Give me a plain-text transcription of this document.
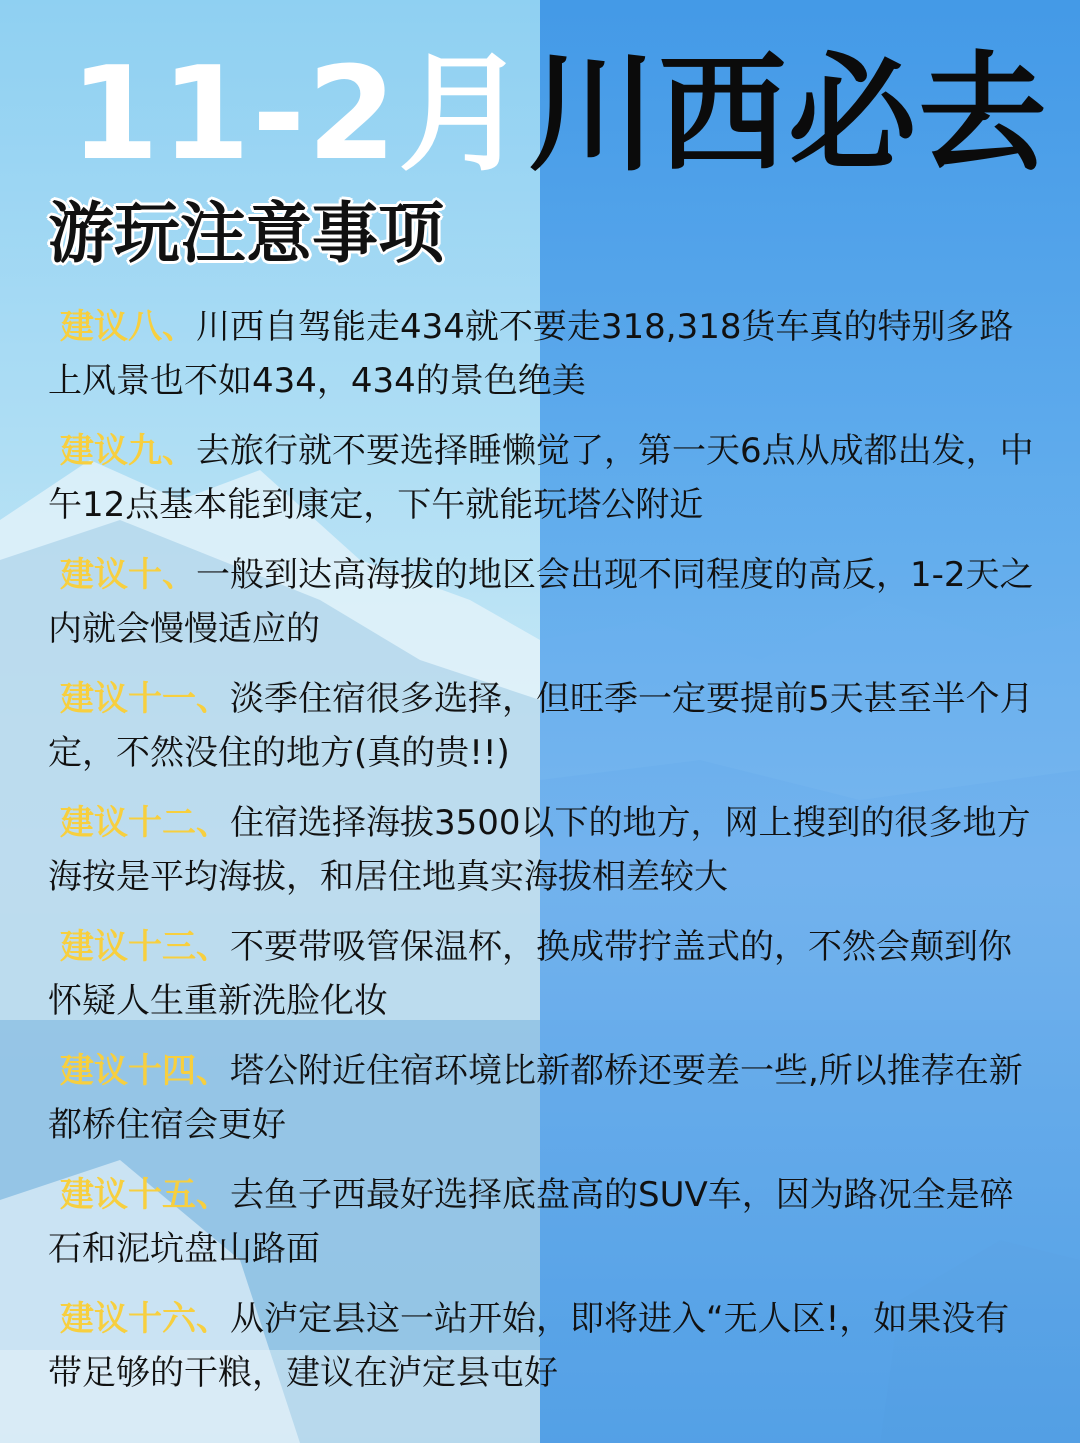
11-2月川西必去
游玩注意事项

建议八、川西自驾能走434就不要走318,318货车真的特别多路上风景也不如434，434的景色绝美

建议九、去旅行就不要选择睡懒觉了，第一天6点从成都出发，中午12点基本能到康定，下午就能玩塔公附近

建议十、一般到达高海拔的地区会出现不同程度的高反，1-2天之内就会慢慢适应的

建议十一、淡季住宿很多选择，但旺季一定要提前5天甚至半个月定，不然没住的地方(真的贵!!)

建议十二、住宿选择海拔3500以下的地方，网上搜到的很多地方海按是平均海拔，和居住地真实海拔相差较大

建议十三、不要带吸管保温杯，换成带拧盖式的，不然会颠到你怀疑人生重新洗脸化妆

建议十四、塔公附近住宿环境比新都桥还要差一些,所以推荐在新都桥住宿会更好

建议十五、去鱼子西最好选择底盘高的SUV车，因为路况全是碎石和泥坑盘山路面

建议十六、从泸定县这一站开始，即将进入“无人区!，如果没有带足够的干粮，建议在泸定县屯好
